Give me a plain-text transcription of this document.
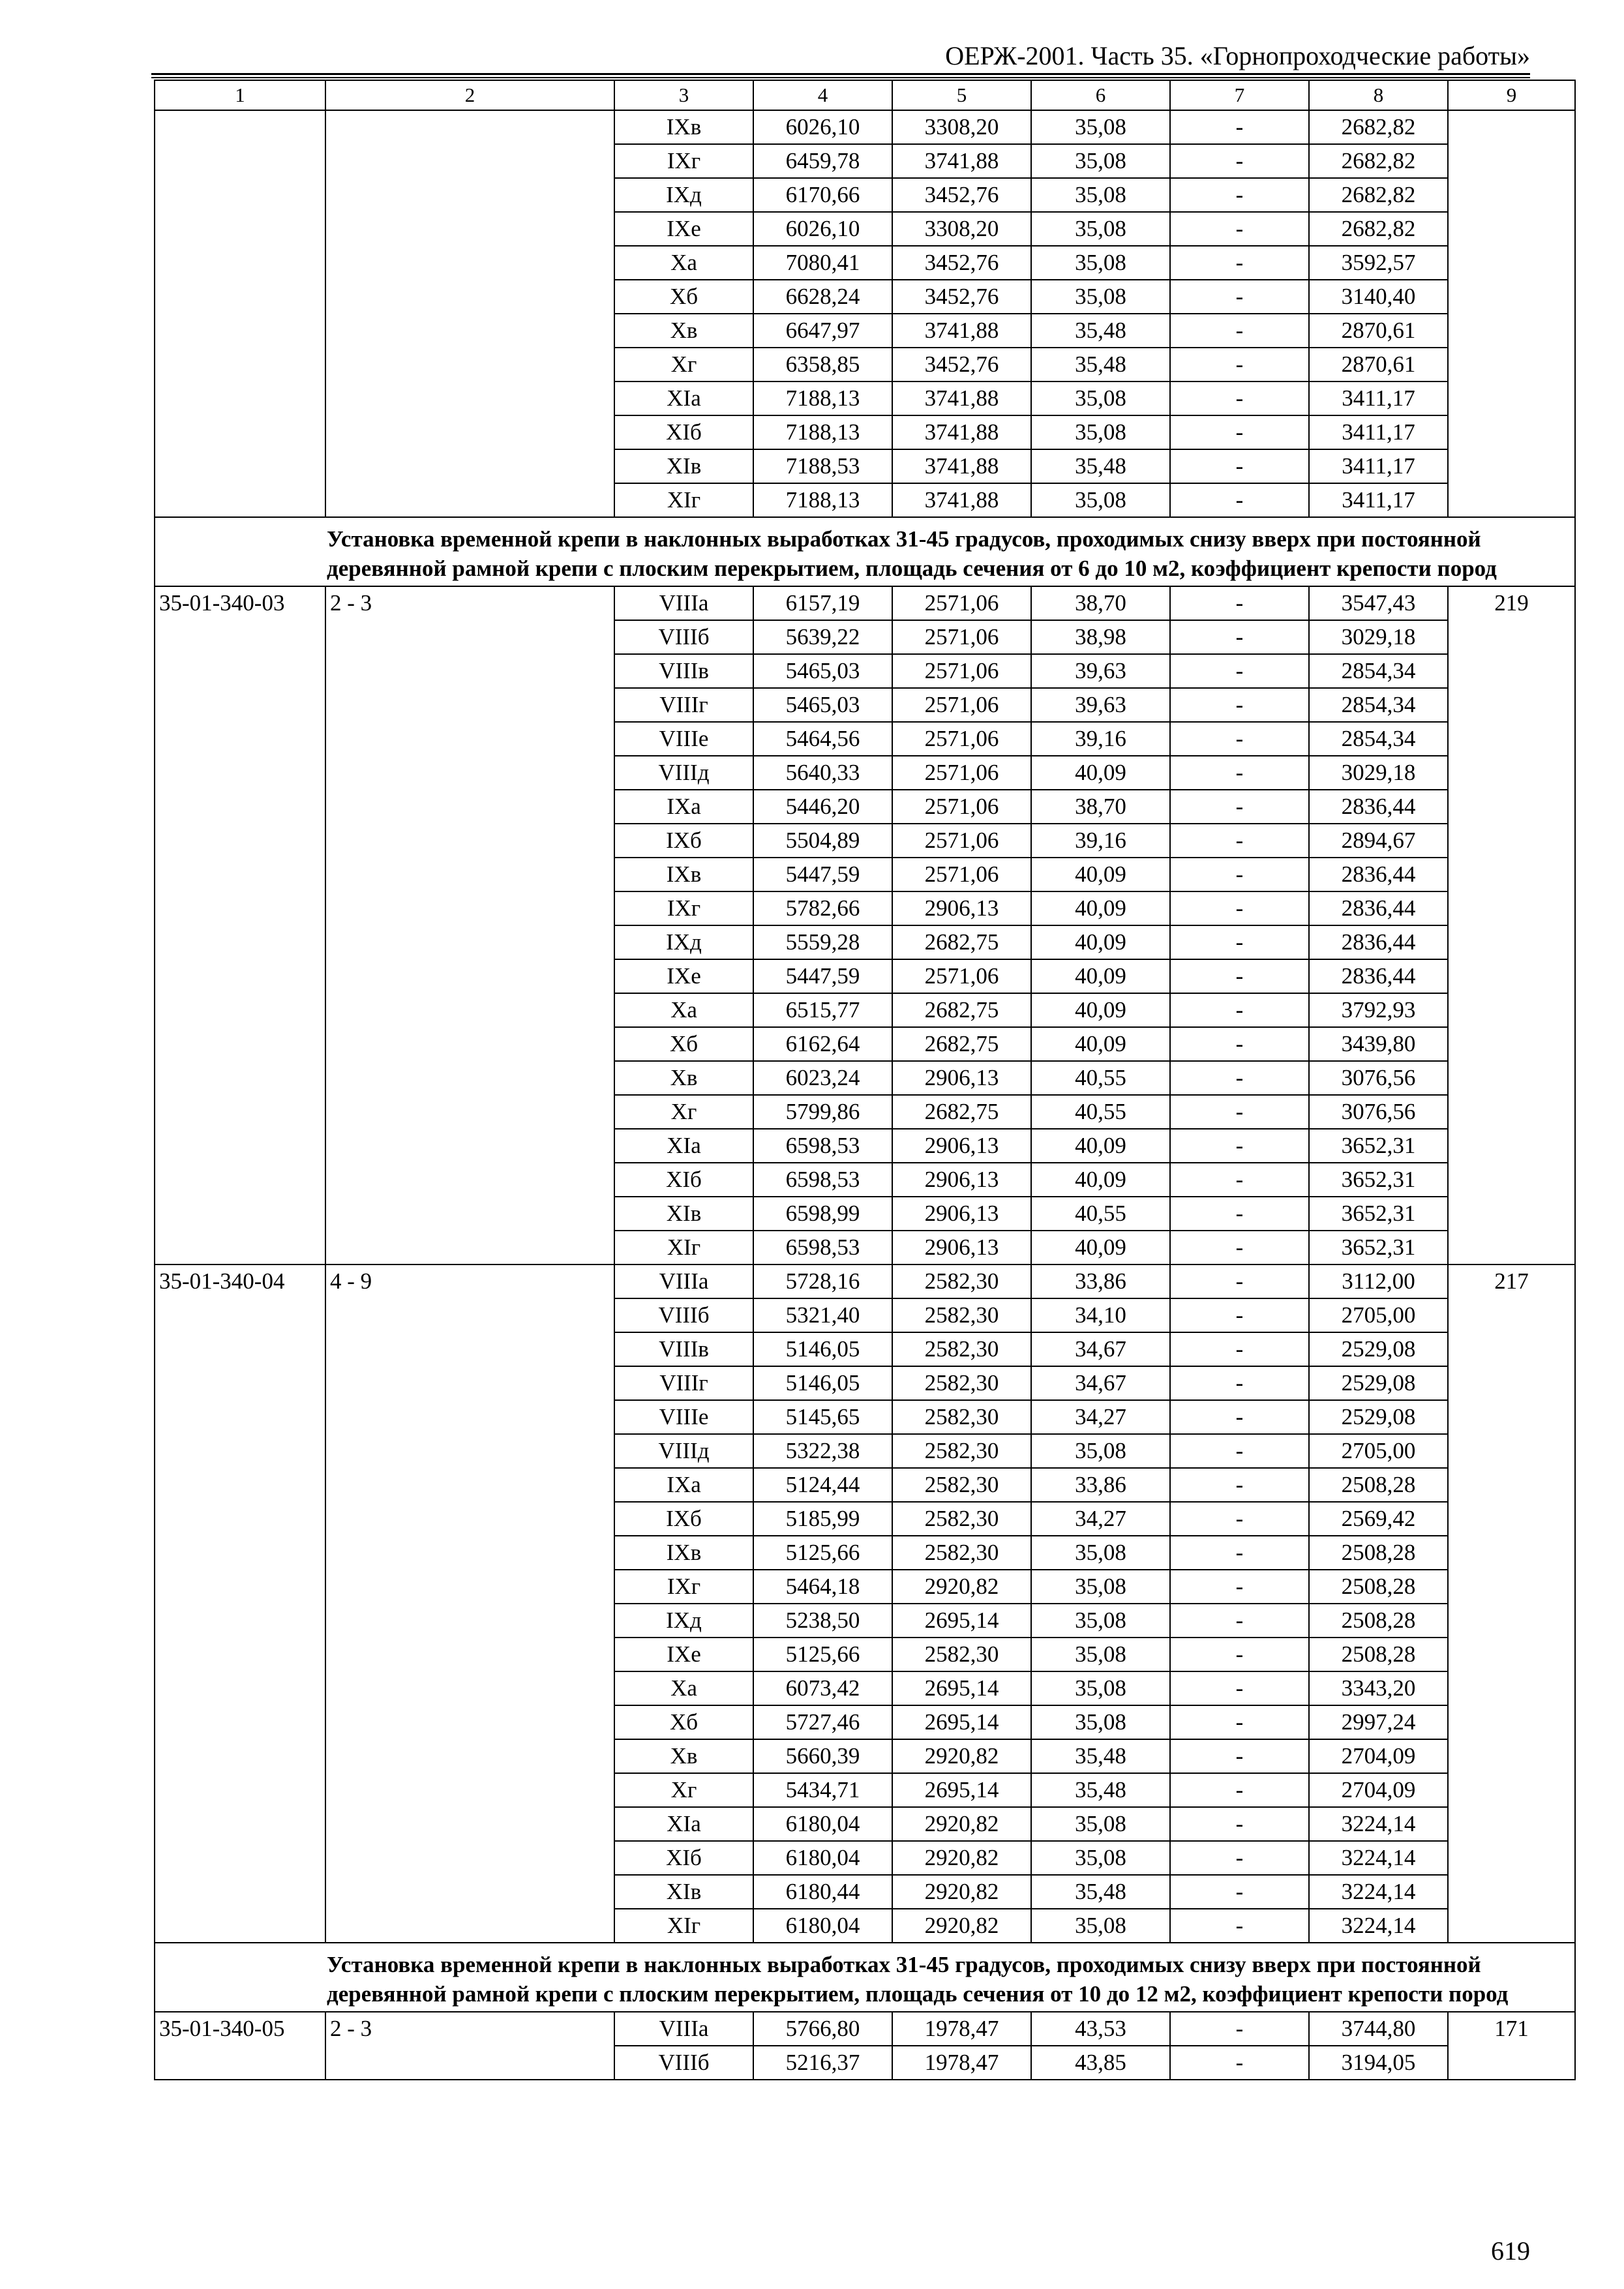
ОЕРЖ-2001. Часть 35. «Горнопроходческие работы»
1	2	3	4	5	6	7	8	9
		IXв	6026,10	3308,20	35,08	-	2682,82	
		IXг	6459,78	3741,88	35,08	-	2682,82	
		IXд	6170,66	3452,76	35,08	-	2682,82	
		IXе	6026,10	3308,20	35,08	-	2682,82	
		Xа	7080,41	3452,76	35,08	-	3592,57	
		Xб	6628,24	3452,76	35,08	-	3140,40	
		Xв	6647,97	3741,88	35,48	-	2870,61	
		Xг	6358,85	3452,76	35,48	-	2870,61	
		XIа	7188,13	3741,88	35,08	-	3411,17	
		XIб	7188,13	3741,88	35,08	-	3411,17	
		XIв	7188,53	3741,88	35,48	-	3411,17	
		XIг	7188,13	3741,88	35,08	-	3411,17	
Установка временной крепи в наклонных выработках 31-45 градусов, проходимых снизу вверх при постоянной деревянной рамной крепи с плоским перекрытием, площадь сечения от 6 до 10 м2, коэффициент крепости пород								
35-01-340-03	2 - 3	VIIIа	6157,19	2571,06	38,70	-	3547,43	219
		VIIIб	5639,22	2571,06	38,98	-	3029,18	
		VIIIв	5465,03	2571,06	39,63	-	2854,34	
		VIIIг	5465,03	2571,06	39,63	-	2854,34	
		VIIIе	5464,56	2571,06	39,16	-	2854,34	
		VIIIд	5640,33	2571,06	40,09	-	3029,18	
		IXа	5446,20	2571,06	38,70	-	2836,44	
		IXб	5504,89	2571,06	39,16	-	2894,67	
		IXв	5447,59	2571,06	40,09	-	2836,44	
		IXг	5782,66	2906,13	40,09	-	2836,44	
		IXд	5559,28	2682,75	40,09	-	2836,44	
		IXе	5447,59	2571,06	40,09	-	2836,44	
		Xа	6515,77	2682,75	40,09	-	3792,93	
		Xб	6162,64	2682,75	40,09	-	3439,80	
		Xв	6023,24	2906,13	40,55	-	3076,56	
		Xг	5799,86	2682,75	40,55	-	3076,56	
		XIа	6598,53	2906,13	40,09	-	3652,31	
		XIб	6598,53	2906,13	40,09	-	3652,31	
		XIв	6598,99	2906,13	40,55	-	3652,31	
		XIг	6598,53	2906,13	40,09	-	3652,31	
35-01-340-04	4 - 9	VIIIа	5728,16	2582,30	33,86	-	3112,00	217
		VIIIб	5321,40	2582,30	34,10	-	2705,00	
		VIIIв	5146,05	2582,30	34,67	-	2529,08	
		VIIIг	5146,05	2582,30	34,67	-	2529,08	
		VIIIе	5145,65	2582,30	34,27	-	2529,08	
		VIIIд	5322,38	2582,30	35,08	-	2705,00	
		IXа	5124,44	2582,30	33,86	-	2508,28	
		IXб	5185,99	2582,30	34,27	-	2569,42	
		IXв	5125,66	2582,30	35,08	-	2508,28	
		IXг	5464,18	2920,82	35,08	-	2508,28	
		IXд	5238,50	2695,14	35,08	-	2508,28	
		IXе	5125,66	2582,30	35,08	-	2508,28	
		Xа	6073,42	2695,14	35,08	-	3343,20	
		Xб	5727,46	2695,14	35,08	-	2997,24	
		Xв	5660,39	2920,82	35,48	-	2704,09	
		Xг	5434,71	2695,14	35,48	-	2704,09	
		XIа	6180,04	2920,82	35,08	-	3224,14	
		XIб	6180,04	2920,82	35,08	-	3224,14	
		XIв	6180,44	2920,82	35,48	-	3224,14	
		XIг	6180,04	2920,82	35,08	-	3224,14	
Установка временной крепи в наклонных выработках 31-45 градусов, проходимых снизу вверх при постоянной деревянной рамной крепи с плоским перекрытием, площадь сечения от 10 до 12 м2, коэффициент крепости пород								
35-01-340-05	2 - 3	VIIIа	5766,80	1978,47	43,53	-	3744,80	171
		VIIIб	5216,37	1978,47	43,85	-	3194,05	
619
